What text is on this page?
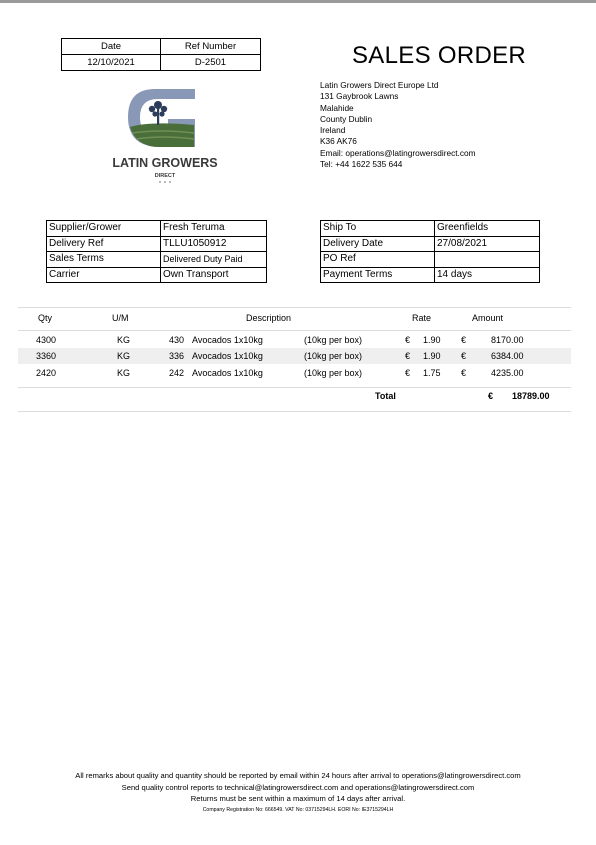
Date	Ref Number
12/10/2021	D-2501	SALES ORDER
LATIN GROWERS
DIRECT
Latin Growers Direct Europe Ltd
131 Gaybrook Lawns
Malahide
County Dublin
Ireland
K36 AK76
Email: operations@latingrowersdirect.com
Tel: +44 1622 535 644
Supplier/Grower	Fresh Teruma
Delivery Ref	TLLU1050912
Sales Terms	Delivered Duty Paid
Carrier	Own Transport
Ship To	Greenfields
Delivery Date	27/08/2021
PO Ref	
Payment Terms	14 days
Qty	U/M	Description	Rate	Amount
4300	KG	430 Avocados 1x10kg	(10kg per box)	€ 1.90 €	8170.00
3360	KG	336 Avocados 1x10kg	(10kg per box)	€ 1.90 €	6384.00
2420	KG	242 Avocados 1x10kg	(10kg per box)	€ 1.75 €	4235.00
Total	€ 18789.00
All remarks about quality and quantity should be reported by email within 24 hours after arrival to operations@latingrowersdirect.com
Send quality control reports to technical@latingrowersdirect.com and operations@latingrowersdirect.com
Returns must be sent within a maximum of 14 days after arrival.
Company Registration No: 666549. VAT No: 03715294LH. EORI No: IE3715294LH
